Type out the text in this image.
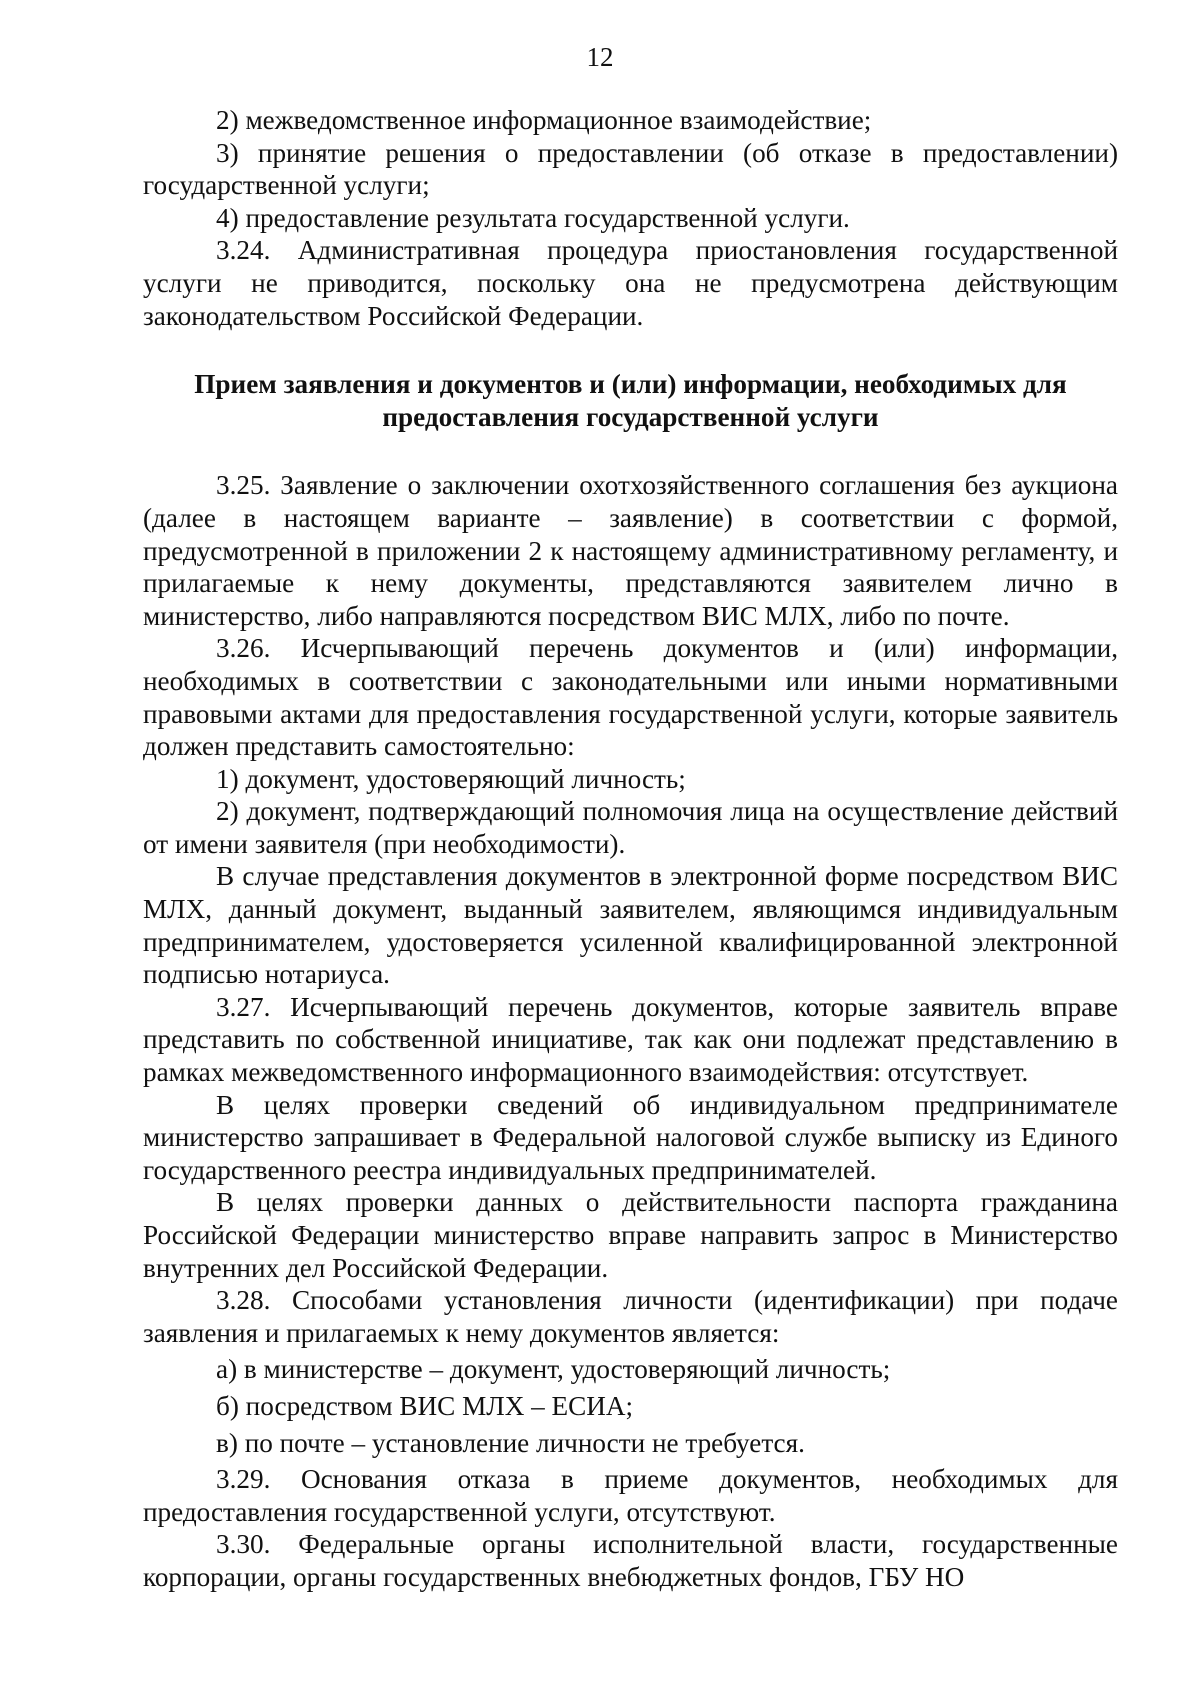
12

2) межведомственное информационное взаимодействие;

3) принятие решения о предоставлении (об отказе в предоставлении) государственной услуги;

4) предоставление результата государственной услуги.

3.24. Административная процедура приостановления государственной услуги не приводится, поскольку она не предусмотрена действующим законодательством Российской Федерации.

Прием заявления и документов и (или) информации, необходимых для
предоставления государственной услуги

3.25. Заявление о заключении охотхозяйственного соглашения без аукциона (далее в настоящем варианте – заявление) в соответствии с формой, предусмотренной в приложении 2 к настоящему административному регламенту, и прилагаемые к нему документы, представляются заявителем лично в министерство, либо направляются посредством ВИС МЛХ, либо по почте.

3.26. Исчерпывающий перечень документов и (или) информации, необходимых в соответствии с законодательными или иными нормативными правовыми актами для предоставления государственной услуги, которые заявитель должен представить самостоятельно:

1) документ, удостоверяющий личность;

2) документ, подтверждающий полномочия лица на осуществление действий от имени заявителя (при необходимости).

В случае представления документов в электронной форме посредством ВИС МЛХ, данный документ, выданный заявителем, являющимся индивидуальным предпринимателем, удостоверяется усиленной квалифицированной электронной подписью нотариуса.

3.27. Исчерпывающий перечень документов, которые заявитель вправе представить по собственной инициативе, так как они подлежат представлению в рамках межведомственного информационного взаимодействия: отсутствует.

В целях проверки сведений об индивидуальном предпринимателе министерство запрашивает в Федеральной налоговой службе выписку из Единого государственного реестра индивидуальных предпринимателей.

В целях проверки данных о действительности паспорта гражданина Российской Федерации министерство вправе направить запрос в Министерство внутренних дел Российской Федерации.

3.28. Способами установления личности (идентификации) при подаче заявления и прилагаемых к нему документов является:

а) в министерстве – документ, удостоверяющий личность;

б) посредством ВИС МЛХ – ЕСИА;

в) по почте – установление личности не требуется.

3.29. Основания отказа в приеме документов, необходимых для предоставления государственной услуги, отсутствуют.

3.30. Федеральные органы исполнительной власти, государственные корпорации, органы государственных внебюджетных фондов, ГБУ НО
